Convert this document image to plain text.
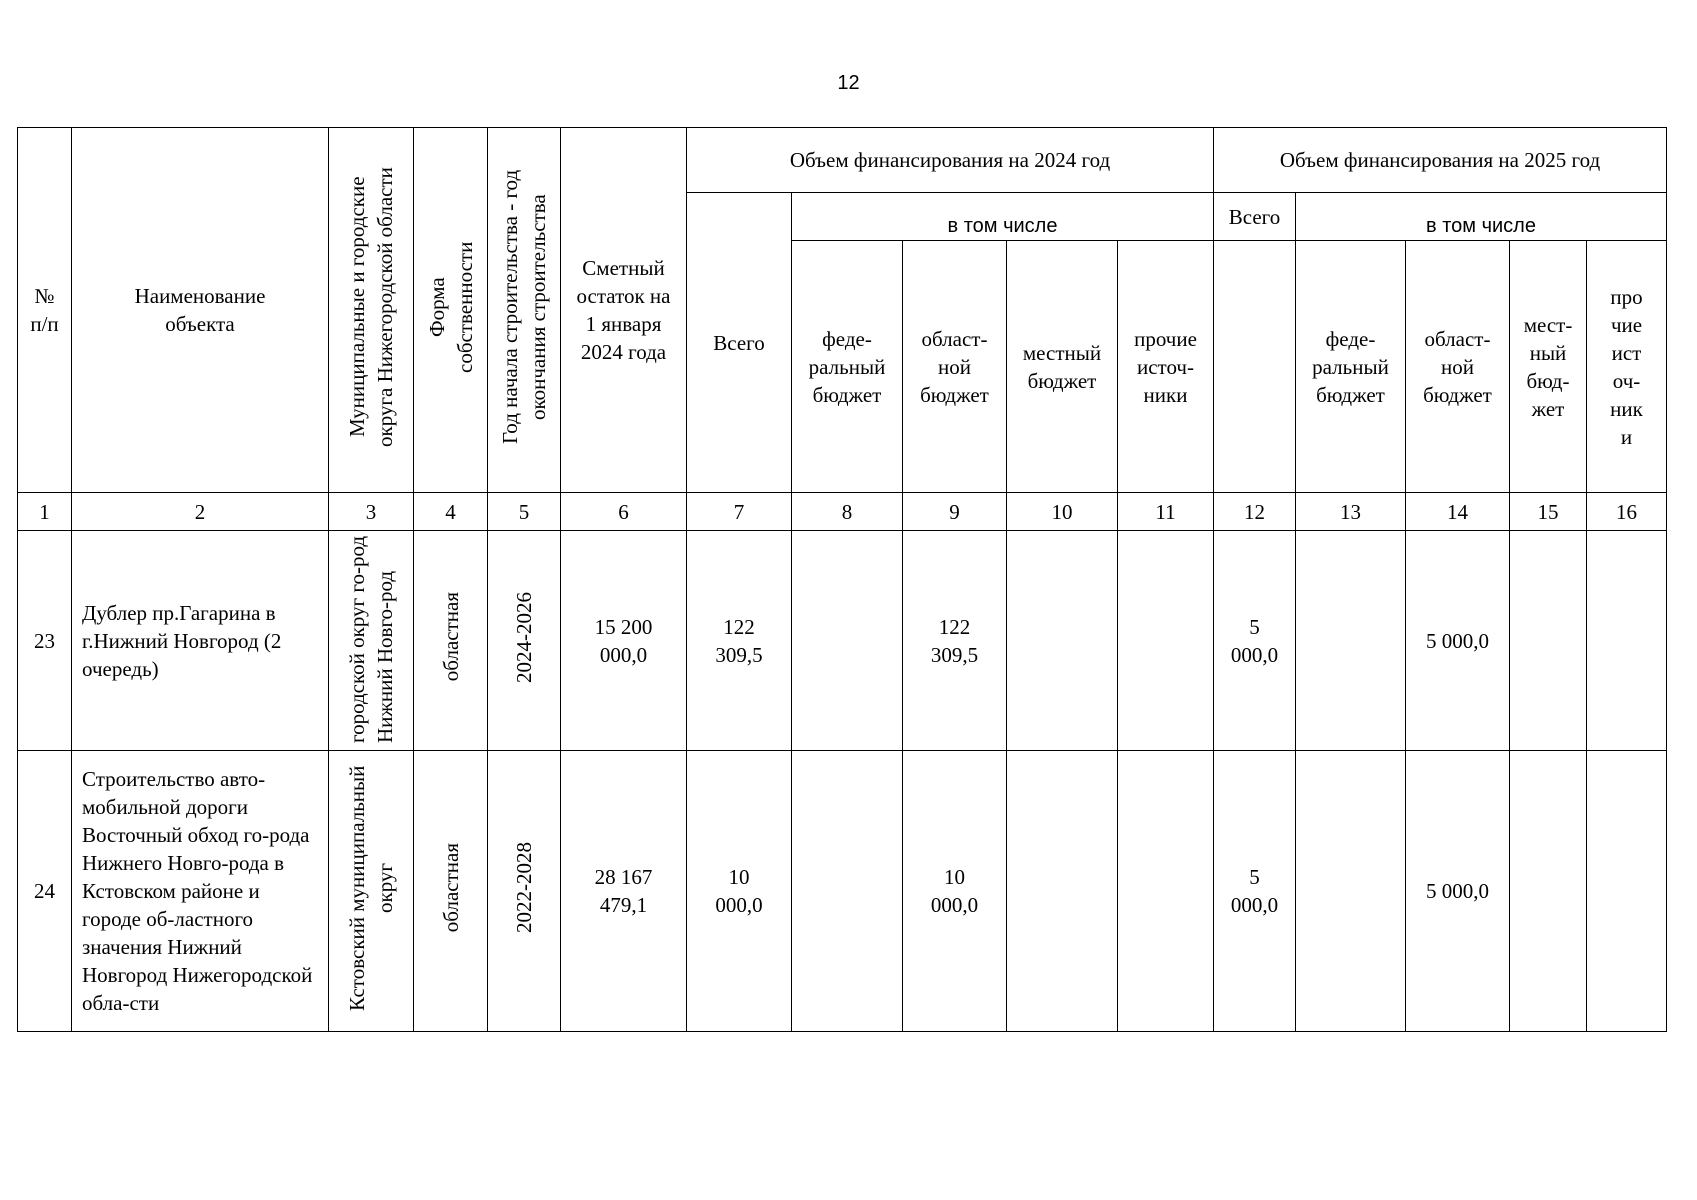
12
№
п/п	Наименование объекта	Муниципальные и городские округа Нижегородской области	Форма собственности	Год начала строительства - год окончания строительства	Сметный остаток на 1 января 2024 года	Объем финансирования на 2024 год					Объем финансирования на 2025 год				
						Всего	в том числе				Всего	в том числе			

							феде-ральный бюджет	област-ной бюджет	местный бюджет	прочие источ-ники		феде-ральный бюджет	област-ной бюджет	мест-ный бюд-жет	про чие ист оч-ник и

1	2	3	4	5	6	7	8	9	10	11	12	13	14	15	16
23	Дублер пр.Гагарина в г.Нижний Новгород (2 очередь)	городской округ го-род Нижний Новго-род	областная	2024-2026	15 200 000,0	122 309,5		122 309,5			5 000,0		5 000,0		
24	Строительство авто-мобильной дороги Восточный обход го-рода Нижнего Новго-рода в Кстовском районе и городе об-ластного значения Нижний Новгород Нижегородской обла-сти	Кстовский муниципальный округ	областная	2022-2028	28 167 479,1	10 000,0		10 000,0			5 000,0		5 000,0		
